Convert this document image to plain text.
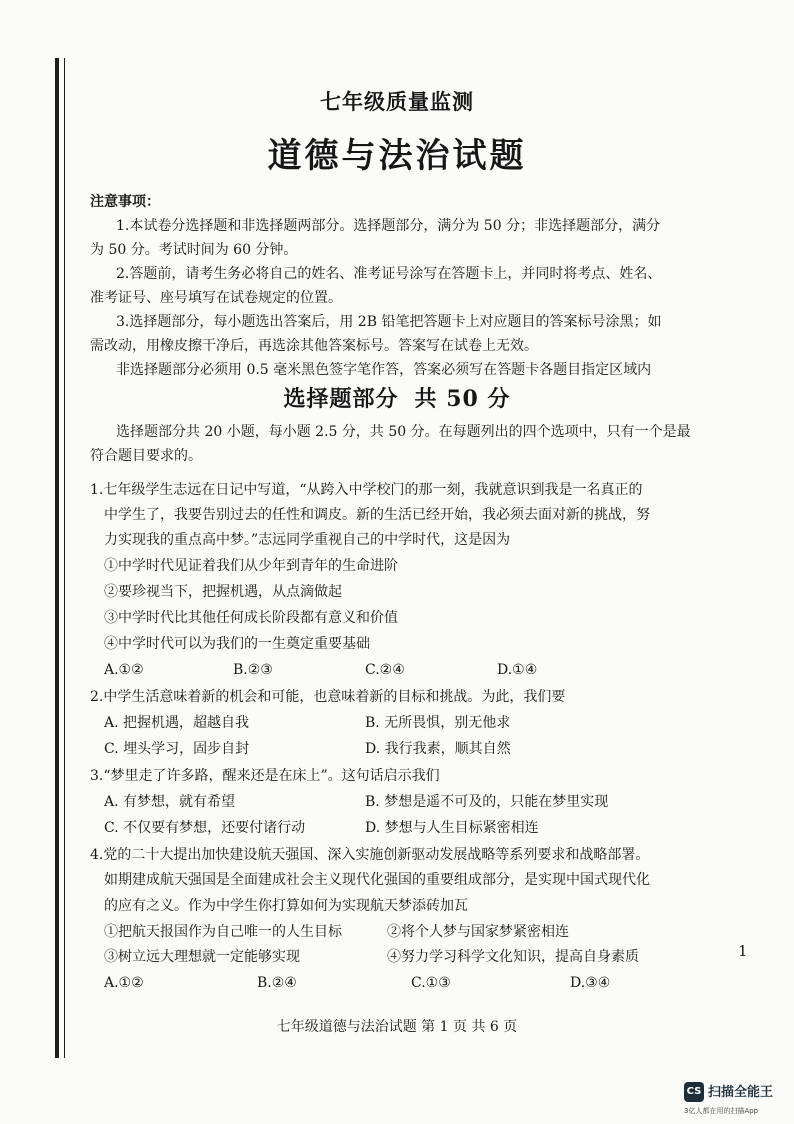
七年级质量监测
道德与法治试题
注意事项：
1.本试卷分选择题和非选择题两部分。选择题部分，满分为 50 分；非选择题部分，满分
为 50 分。考试时间为 60 分钟。
2.答题前，请考生务必将自己的姓名、准考证号涂写在答题卡上，并同时将考点、姓名、
准考证号、座号填写在试卷规定的位置。
3.选择题部分，每小题选出答案后，用 2B 铅笔把答题卡上对应题目的答案标号涂黑；如
需改动，用橡皮擦干净后，再选涂其他答案标号。答案写在试卷上无效。
非选择题部分必须用 0.5 毫米黑色签字笔作答，答案必须写在答题卡各题目指定区域内
选择题部分 共 50 分
选择题部分共 20 小题，每小题 2.5 分，共 50 分。在每题列出的四个选项中，只有一个是最
符合题目要求的。
1.七年级学生志远在日记中写道，“从跨入中学校门的那一刻，我就意识到我是一名真正的
中学生了，我要告别过去的任性和调皮。新的生活已经开始，我必须去面对新的挑战，努
力实现我的重点高中梦。”志远同学重视自己的中学时代，这是因为
①中学时代见证着我们从少年到青年的生命进阶
②要珍视当下，把握机遇，从点滴做起
③中学时代比其他任何成长阶段都有意义和价值
④中学时代可以为我们的一生奠定重要基础
A.①②	B.②③	C.②④	D.①④
2.中学生活意味着新的机会和可能，也意味着新的目标和挑战。为此，我们要
A. 把握机遇，超越自我	B. 无所畏惧，别无他求
C. 埋头学习，固步自封	D. 我行我素，顺其自然
3.“梦里走了许多路，醒来还是在床上”。这句话启示我们
A. 有梦想，就有希望	B. 梦想是遥不可及的，只能在梦里实现
C. 不仅要有梦想，还要付诸行动	D. 梦想与人生目标紧密相连
4.党的二十大提出加快建设航天强国、深入实施创新驱动发展战略等系列要求和战略部署。
如期建成航天强国是全面建成社会主义现代化强国的重要组成部分，是实现中国式现代化
的应有之义。作为中学生你打算如何为实现航天梦添砖加瓦
①把航天报国作为自己唯一的人生目标	②将个人梦与国家梦紧密相连
③树立远大理想就一定能够实现	④努力学习科学文化知识，提高自身素质
A.①②	B.②④	C.①③	D.③④
1
七年级道德与法治试题 第 1 页 共 6 页
CS 扫描全能王
3亿人都在用的扫描App
